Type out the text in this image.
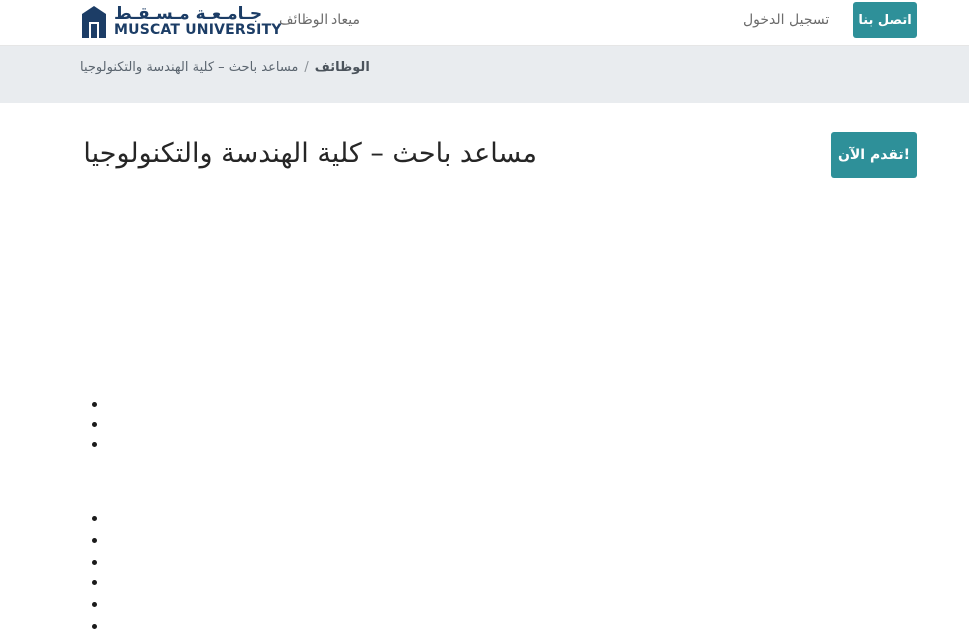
جـامـعـة مـسـقـط
MUSCAT UNIVERSITY
الوظائف ميعاد	تسجيل الدخول	اتصل بنا
الوظائف/مساعد باحث – كلية الهندسة والتكنولوجيا
مساعد باحث – كلية الهندسة والتكنولوجيا	!تقدم الآن
